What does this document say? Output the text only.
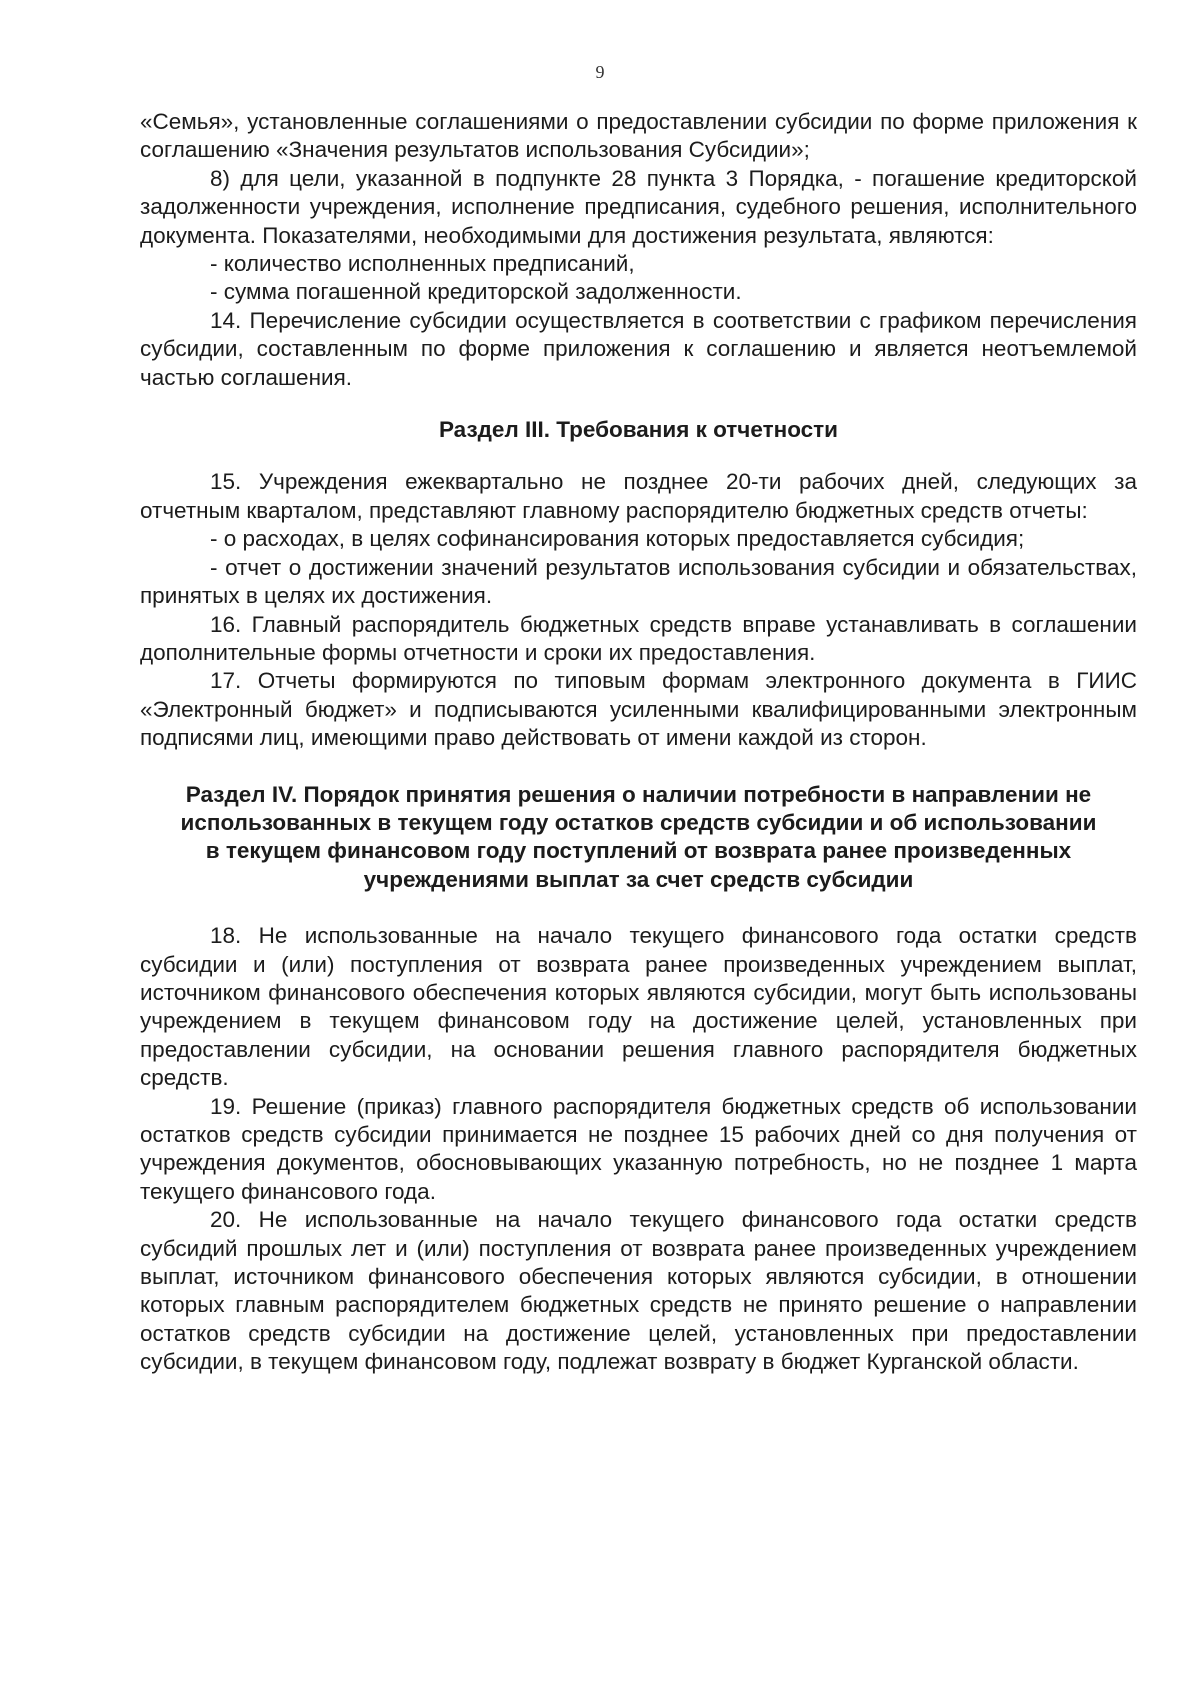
9

«Семья», установленные соглашениями о предоставлении субсидии по форме приложения к соглашению «Значения результатов использования Субсидии»;

8) для цели, указанной в подпункте 28 пункта 3 Порядка, - погашение кредиторской задолженности учреждения, исполнение предписания, судебного решения, исполнительного документа. Показателями, необходимыми для достижения результата, являются:

- количество исполненных предписаний,

- сумма погашенной кредиторской задолженности.

14. Перечисление субсидии осуществляется в соответствии с графиком перечисления субсидии, составленным по форме приложения к соглашению и является неотъемлемой частью соглашения.

Раздел III. Требования к отчетности

15. Учреждения ежеквартально не позднее 20-ти рабочих дней, следующих за отчетным кварталом, представляют главному распорядителю бюджетных средств отчеты:

- о расходах, в целях софинансирования которых предоставляется субсидия;

- отчет о достижении значений результатов использования субсидии и обязательствах, принятых в целях их достижения.

16. Главный распорядитель бюджетных средств вправе устанавливать в соглашении дополнительные формы отчетности и сроки их предоставления.

17. Отчеты формируются по типовым формам электронного документа в ГИИС «Электронный бюджет» и подписываются усиленными квалифицированными электронным подписями лиц, имеющими право действовать от имени каждой из сторон.

Раздел IV. Порядок принятия решения о наличии потребности в направлении не
использованных в текущем году остатков средств субсидии и об использовании
в текущем финансовом году поступлений от возврата ранее произведенных
учреждениями выплат за счет средств субсидии

18. Не использованные на начало текущего финансового года остатки средств субсидии и (или) поступления от возврата ранее произведенных учреждением выплат, источником финансового обеспечения которых являются субсидии, могут быть использованы учреждением в текущем финансовом году на достижение целей, установленных при предоставлении субсидии, на основании решения главного распорядителя бюджетных средств.

19. Решение (приказ) главного распорядителя бюджетных средств об использовании остатков средств субсидии принимается не позднее 15 рабочих дней со дня получения от учреждения документов, обосновывающих указанную потребность, но не позднее 1 марта текущего финансового года.

20. Не использованные на начало текущего финансового года остатки средств субсидий прошлых лет и (или) поступления от возврата ранее произведенных учреждением выплат, источником финансового обеспечения которых являются субсидии, в отношении которых главным распорядителем бюджетных средств не принято решение о направлении остатков средств субсидии на достижение целей, установленных при предоставлении субсидии, в текущем финансовом году, подлежат возврату в бюджет Курганской области.
